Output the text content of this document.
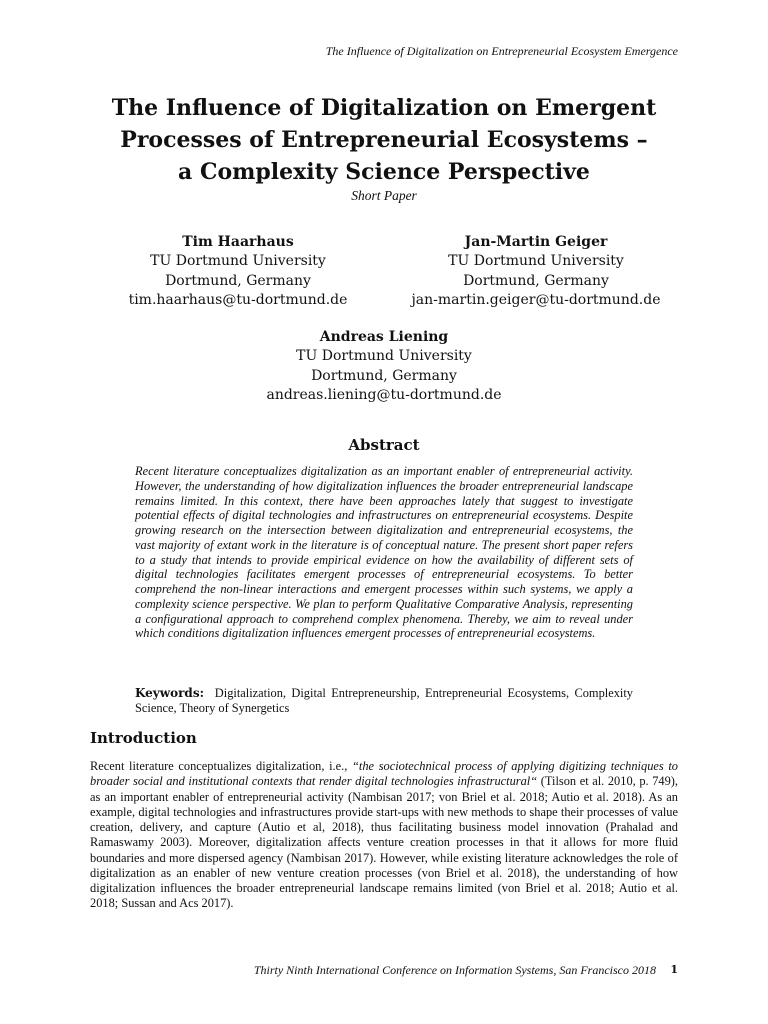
The Influence of Digitalization on Entrepreneurial Ecosystem Emergence
The Influence of Digitalization on Emergent
Processes of Entrepreneurial Ecosystems –
a Complexity Science Perspective
Short Paper
Tim Haarhaus
TU Dortmund University
Dortmund, Germany
tim.haarhaus@tu-dortmund.de
Jan-Martin Geiger
TU Dortmund University
Dortmund, Germany
jan-martin.geiger@tu-dortmund.de
Andreas Liening
TU Dortmund University
Dortmund, Germany
andreas.liening@tu-dortmund.de
Abstract

Recent literature conceptualizes digitalization as an important enabler of entrepreneurial activity. However, the understanding of how digitalization influences the broader entrepreneurial landscape remains limited. In this context, there have been approaches lately that suggest to investigate potential effects of digital technologies and infrastructures on entrepreneurial ecosystems. Despite growing research on the intersection between digitalization and entrepreneurial ecosystems, the vast majority of extant work in the literature is of conceptual nature. The present short paper refers to a study that intends to provide empirical evidence on how the availability of different sets of digital technologies facilitates emergent processes of entrepreneurial ecosystems. To better comprehend the non-linear interactions and emergent processes within such systems, we apply a complexity science perspective. We plan to perform Qualitative Comparative Analysis, representing a configurational approach to comprehend complex phenomena. Thereby, we aim to reveal under which conditions digitalization influences emergent processes of entrepreneurial ecosystems.

Keywords: Digitalization, Digital Entrepreneurship, Entrepreneurial Ecosystems, Complexity Science, Theory of Synergetics

Introduction

Recent literature conceptualizes digitalization, i.e., “the sociotechnical process of applying digitizing techniques to broader social and institutional contexts that render digital technologies infrastructural“ (Tilson et al. 2010, p. 749), as an important enabler of entrepreneurial activity (Nambisan 2017; von Briel et al. 2018; Autio et al. 2018). As an example, digital technologies and infrastructures provide start-ups with new methods to shape their processes of value creation, delivery, and capture (Autio et al, 2018), thus facilitating business model innovation (Prahalad and Ramaswamy 2003). Moreover, digitalization affects venture creation processes in that it allows for more fluid boundaries and more dispersed agency (Nambisan 2017). However, while existing literature acknowledges the role of digitalization as an enabler of new venture creation processes (von Briel et al. 2018), the understanding of how digitalization influences the broader entrepreneurial landscape remains limited (von Briel et al. 2018; Autio et al. 2018; Sussan and Acs 2017).

Thirty Ninth International Conference on Information Systems, San Francisco 2018 1
